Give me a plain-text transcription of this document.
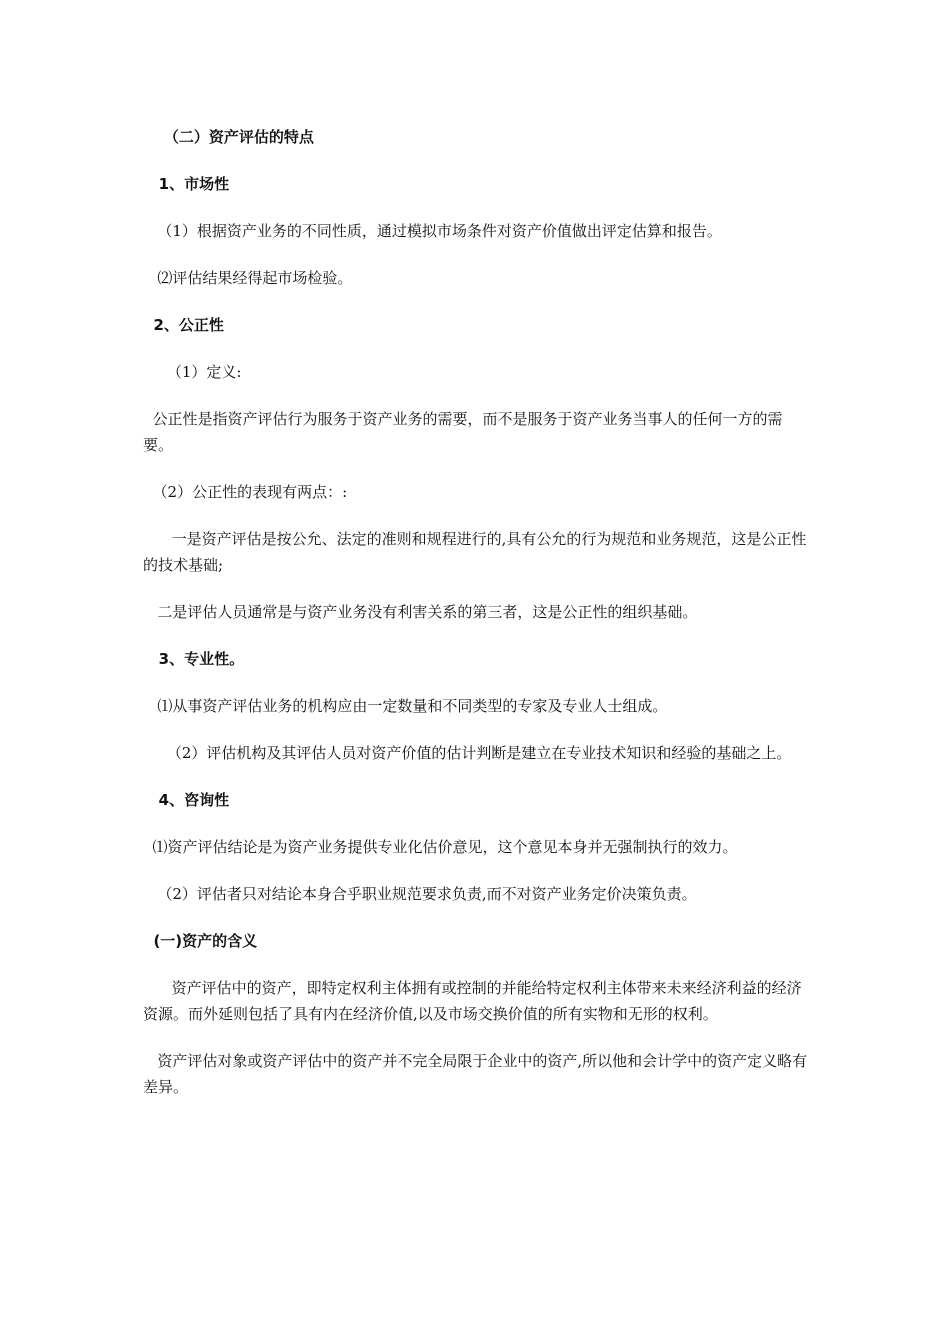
（二）资产评估的特点

1、市场性

（1）根据资产业务的不同性质，通过模拟市场条件对资产价值做出评定估算和报告。

⑵评估结果经得起市场检验。

2、公正性

（1）定义:

公正性是指资产评估行为服务于资产业务的需要，而不是服务于资产业务当事人的任何一方的需要。

（2）公正性的表现有两点：:

一是资产评估是按公允、法定的准则和规程进行的,具有公允的行为规范和业务规范，这是公正性的技术基础;

二是评估人员通常是与资产业务没有利害关系的第三者，这是公正性的组织基础。

3、专业性。

⑴从事资产评估业务的机构应由一定数量和不同类型的专家及专业人士组成。

（2）评估机构及其评估人员对资产价值的估计判断是建立在专业技术知识和经验的基础之上。

4、咨询性

⑴资产评估结论是为资产业务提供专业化估价意见，这个意见本身并无强制执行的效力。

（2）评估者只对结论本身合乎职业规范要求负责,而不对资产业务定价决策负责。

(一)资产的含义

资产评估中的资产，即特定权利主体拥有或控制的并能给特定权利主体带来未来经济利益的经济资源。而外延则包括了具有内在经济价值,以及市场交换价值的所有实物和无形的权利。

资产评估对象或资产评估中的资产并不完全局限于企业中的资产,所以他和会计学中的资产定义略有差异。
